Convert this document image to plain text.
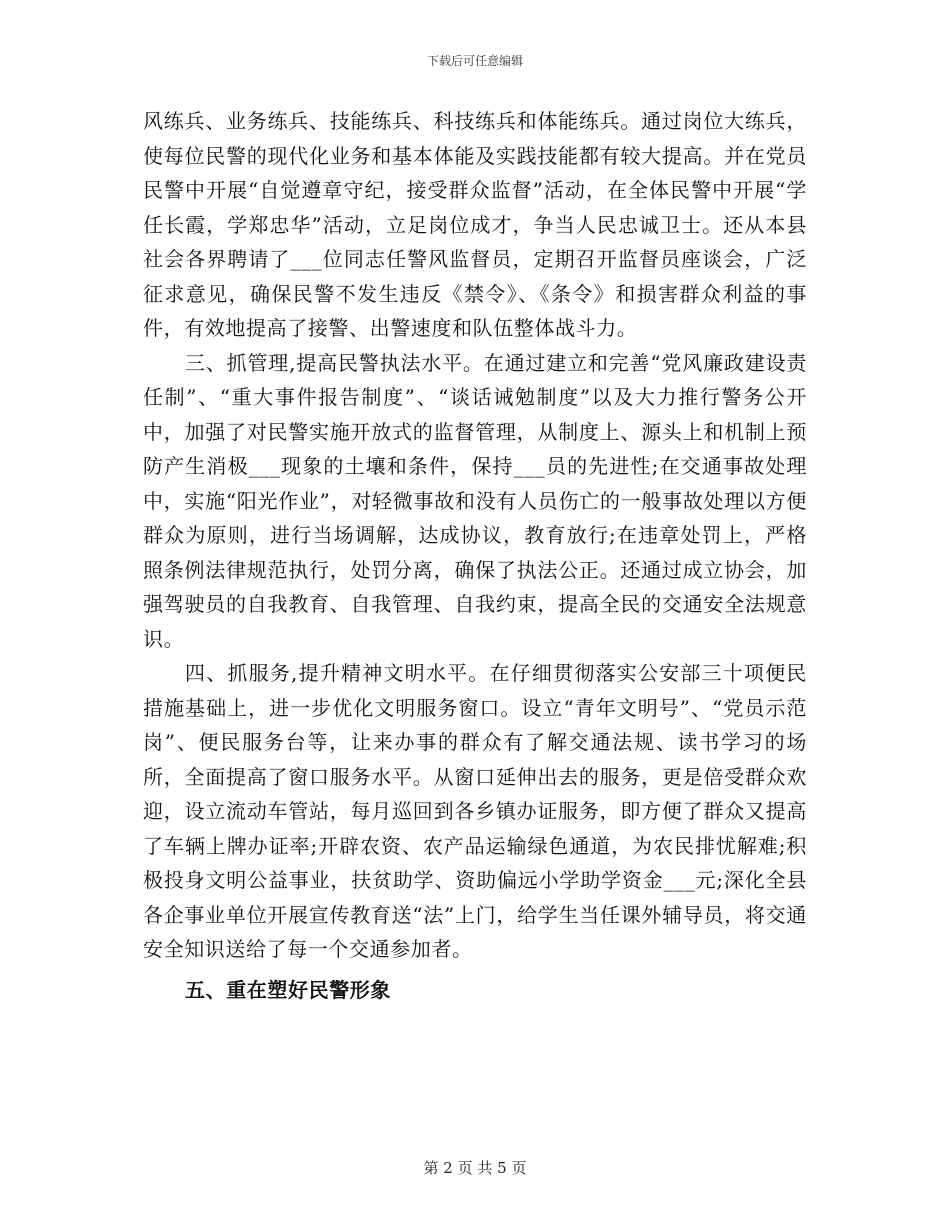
下载后可任意编辑

风练兵、业务练兵、技能练兵、科技练兵和体能练兵。通过岗位大练兵，使每位民警的现代化业务和基本体能及实践技能都有较大提高。并在党员民警中开展“自觉遵章守纪，接受群众监督”活动，在全体民警中开展“学任长霞，学郑忠华”活动，立足岗位成才，争当人民忠诚卫士。还从本县社会各界聘请了___位同志任警风监督员，定期召开监督员座谈会，广泛征求意见，确保民警不发生违反《禁令》、《条令》和损害群众利益的事件，有效地提高了接警、出警速度和队伍整体战斗力。

三、抓管理,提高民警执法水平。在通过建立和完善“党风廉政建设责任制”、“重大事件报告制度”、“谈话诫勉制度”以及大力推行警务公开中，加强了对民警实施开放式的监督管理，从制度上、源头上和机制上预防产生消极___现象的土壤和条件，保持___员的先进性;在交通事故处理中，实施“阳光作业”，对轻微事故和没有人员伤亡的一般事故处理以方便群众为原则，进行当场调解，达成协议，教育放行;在违章处罚上，严格照条例法律规范执行，处罚分离，确保了执法公正。还通过成立协会，加强驾驶员的自我教育、自我管理、自我约束，提高全民的交通安全法规意识。

四、抓服务,提升精神文明水平。在仔细贯彻落实公安部三十项便民措施基础上，进一步优化文明服务窗口。设立“青年文明号”、“党员示范岗”、便民服务台等，让来办事的群众有了解交通法规、读书学习的场所，全面提高了窗口服务水平。从窗口延伸出去的服务，更是倍受群众欢迎，设立流动车管站，每月巡回到各乡镇办证服务，即方便了群众又提高了车辆上牌办证率;开辟农资、农产品运输绿色通道，为农民排忧解难;积极投身文明公益事业，扶贫助学、资助偏远小学助学资金___元;深化全县各企事业单位开展宣传教育送“法”上门，给学生当任课外辅导员，将交通安全知识送给了每一个交通参加者。

五、重在塑好民警形象
第 2 页 共 5 页
